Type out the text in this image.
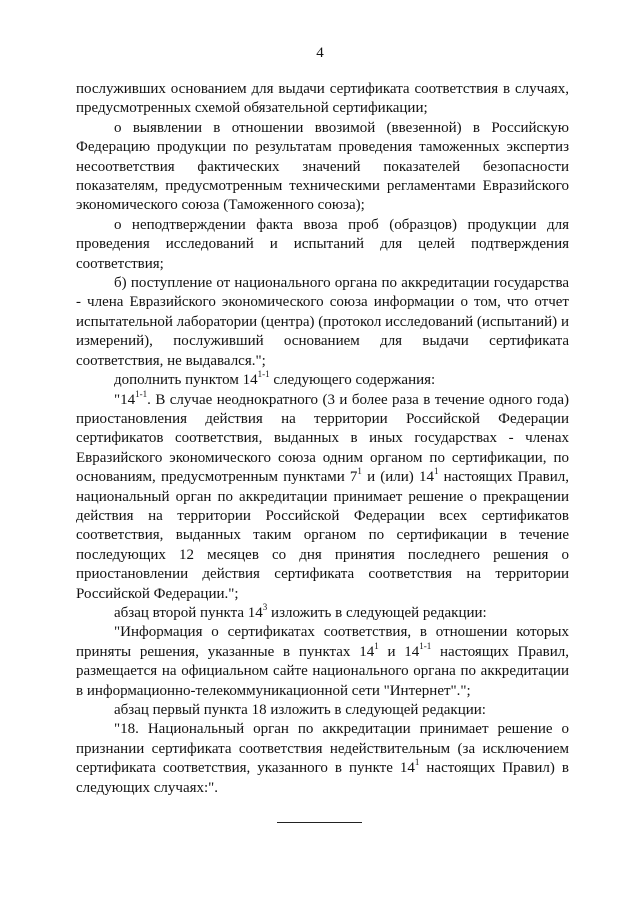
4

послуживших основанием для выдачи сертификата соответствия в случаях, предусмотренных схемой обязательной сертификации;

о выявлении в отношении ввозимой (ввезенной) в Российскую Федерацию продукции по результатам проведения таможенных экспертиз несоответствия фактических значений показателей безопасности показателям, предусмотренным техническими регламентами Евразийского экономического союза (Таможенного союза);

о неподтверждении факта ввоза проб (образцов) продукции для проведения исследований и испытаний для целей подтверждения соответствия;

б) поступление от национального органа по аккредитации государства - члена Евразийского экономического союза информации о том, что отчет испытательной лаборатории (центра) (протокол исследований (испытаний) и измерений), послуживший основанием для выдачи сертификата соответствия, не выдавался.";

дополнить пунктом 14$^{1-1}$ следующего содержания:

"14$^{1-1}$. В случае неоднократного (3 и более раза в течение одного года) приостановления действия на территории Российской Федерации сертификатов соответствия, выданных в иных государствах - членах Евразийского экономического союза одним органом по сертификации, по основаниям, предусмотренным пунктами $7^1$ и (или) $14^1$ настоящих Правил, национальный орган по аккредитации принимает решение о прекращении действия на территории Российской Федерации всех сертификатов соответствия, выданных таким органом по сертификации в течение последующих 12 месяцев со дня принятия последнего решения о приостановлении действия сертификата соответствия на территории Российской Федерации.";

абзац второй пункта $14^3$ изложить в следующей редакции:

"Информация о сертификатах соответствия, в отношении которых приняты решения, указанные в пунктах $14^1$ и 14$^{1-1}$ настоящих Правил, размещается на официальном сайте национального органа по аккредитации в информационно-телекоммуникационной сети "Интернет".";

абзац первый пункта 18 изложить в следующей редакции:

"18. Национальный орган по аккредитации принимает решение о признании сертификата соответствия недействительным (за исключением сертификата соответствия, указанного в пункте $14^1$ настоящих Правил) в следующих случаях:".
